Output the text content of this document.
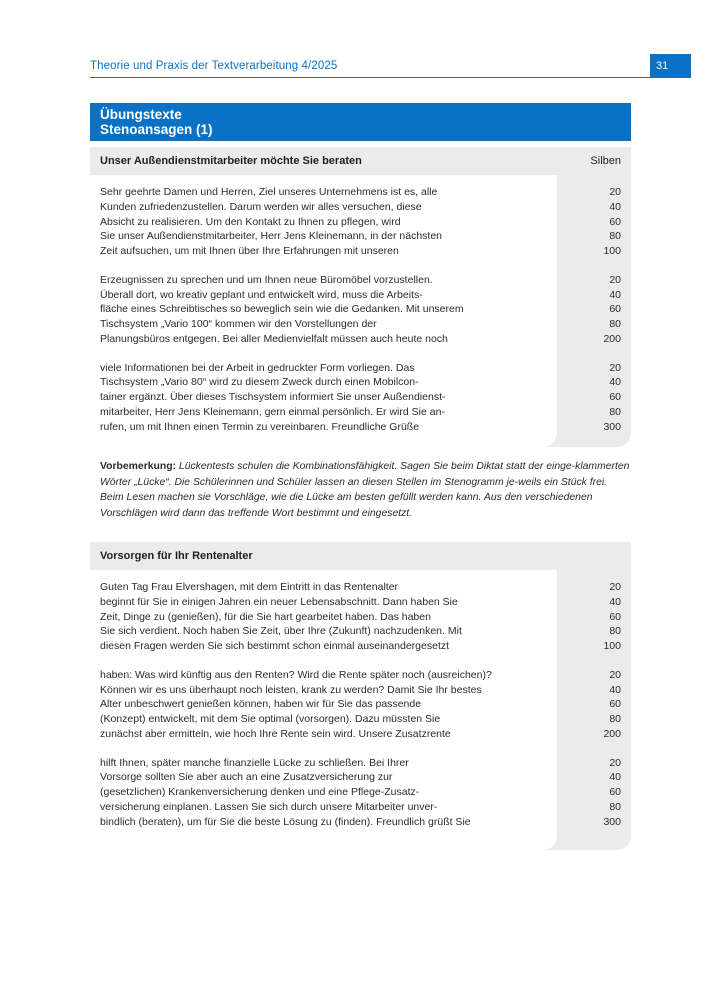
Theorie und Praxis der Textverarbeitung 4/2025	31
Übungstexte
Stenoansagen (1)
Unser Außendienstmitarbeiter möchte Sie beraten	Silben
Sehr geehrte Damen und Herren, Ziel unseres Unternehmens ist es, alle	20
Kunden zufriedenzustellen. Darum werden wir alles versuchen, diese	40
Absicht zu realisieren. Um den Kontakt zu Ihnen zu pflegen, wird	60
Sie unser Außendienstmitarbeiter, Herr Jens Kleinemann, in der nächsten	80
Zeit aufsuchen, um mit Ihnen über Ihre Erfahrungen mit unseren	100
Erzeugnissen zu sprechen und um Ihnen neue Büromöbel vorzustellen.	20
Überall dort, wo kreativ geplant und entwickelt wird, muss die Arbeits-	40
fläche eines Schreibtisches so beweglich sein wie die Gedanken. Mit unserem	60
Tischsystem „Vario 100“ kommen wir den Vorstellungen der	80
Planungsbüros entgegen. Bei aller Medienvielfalt müssen auch heute noch	200
viele Informationen bei der Arbeit in gedruckter Form vorliegen. Das	20
Tischsystem „Vario 80“ wird zu diesem Zweck durch einen Mobilcon-	40
tainer ergänzt. Über dieses Tischsystem informiert Sie unser Außendienst-	60
mitarbeiter, Herr Jens Kleinemann, gern einmal persönlich. Er wird Sie an-	80
rufen, um mit Ihnen einen Termin zu vereinbaren. Freundliche Grüße	300
Vorbemerkung: Lückentests schulen die Kombinationsfähigkeit. Sagen Sie beim Diktat statt der einge-klammerten Wörter „Lücke“. Die Schülerinnen und Schüler lassen an diesen Stellen im Stenogramm je-weils ein Stück frei. Beim Lesen machen sie Vorschläge, wie die Lücke am besten gefüllt werden kann. Aus den verschiedenen Vorschlägen wird dann das treffende Wort bestimmt und eingesetzt.
Vorsorgen für Ihr Rentenalter
Guten Tag Frau Elvershagen, mit dem Eintritt in das Rentenalter	20
beginnt für Sie in einigen Jahren ein neuer Lebensabschnitt. Dann haben Sie	40
Zeit, Dinge zu (genießen), für die Sie hart gearbeitet haben. Das haben	60
Sie sich verdient. Noch haben Sie Zeit, über Ihre (Zukunft) nachzudenken. Mit	80
diesen Fragen werden Sie sich bestimmt schon einmal auseinandergesetzt	100
haben: Was wird künftig aus den Renten? Wird die Rente später noch (ausreichen)?	20
Können wir es uns überhaupt noch leisten, krank zu werden? Damit Sie Ihr bestes	40
Alter unbeschwert genießen können, haben wir für Sie das passende	60
(Konzept) entwickelt, mit dem Sie optimal (vorsorgen). Dazu müssten Sie	80
zunächst aber ermitteln, wie hoch Ihre Rente sein wird. Unsere Zusatzrente	200
hilft Ihnen, später manche finanzielle Lücke zu schließen. Bei Ihrer	20
Vorsorge sollten Sie aber auch an eine Zusatzversicherung zur	40
(gesetzlichen) Krankenversicherung denken und eine Pflege-Zusatz-	60
versicherung einplanen. Lassen Sie sich durch unsere Mitarbeiter unver-	80
bindlich (beraten), um für Sie die beste Lösung zu (finden). Freundlich grüßt Sie	300
